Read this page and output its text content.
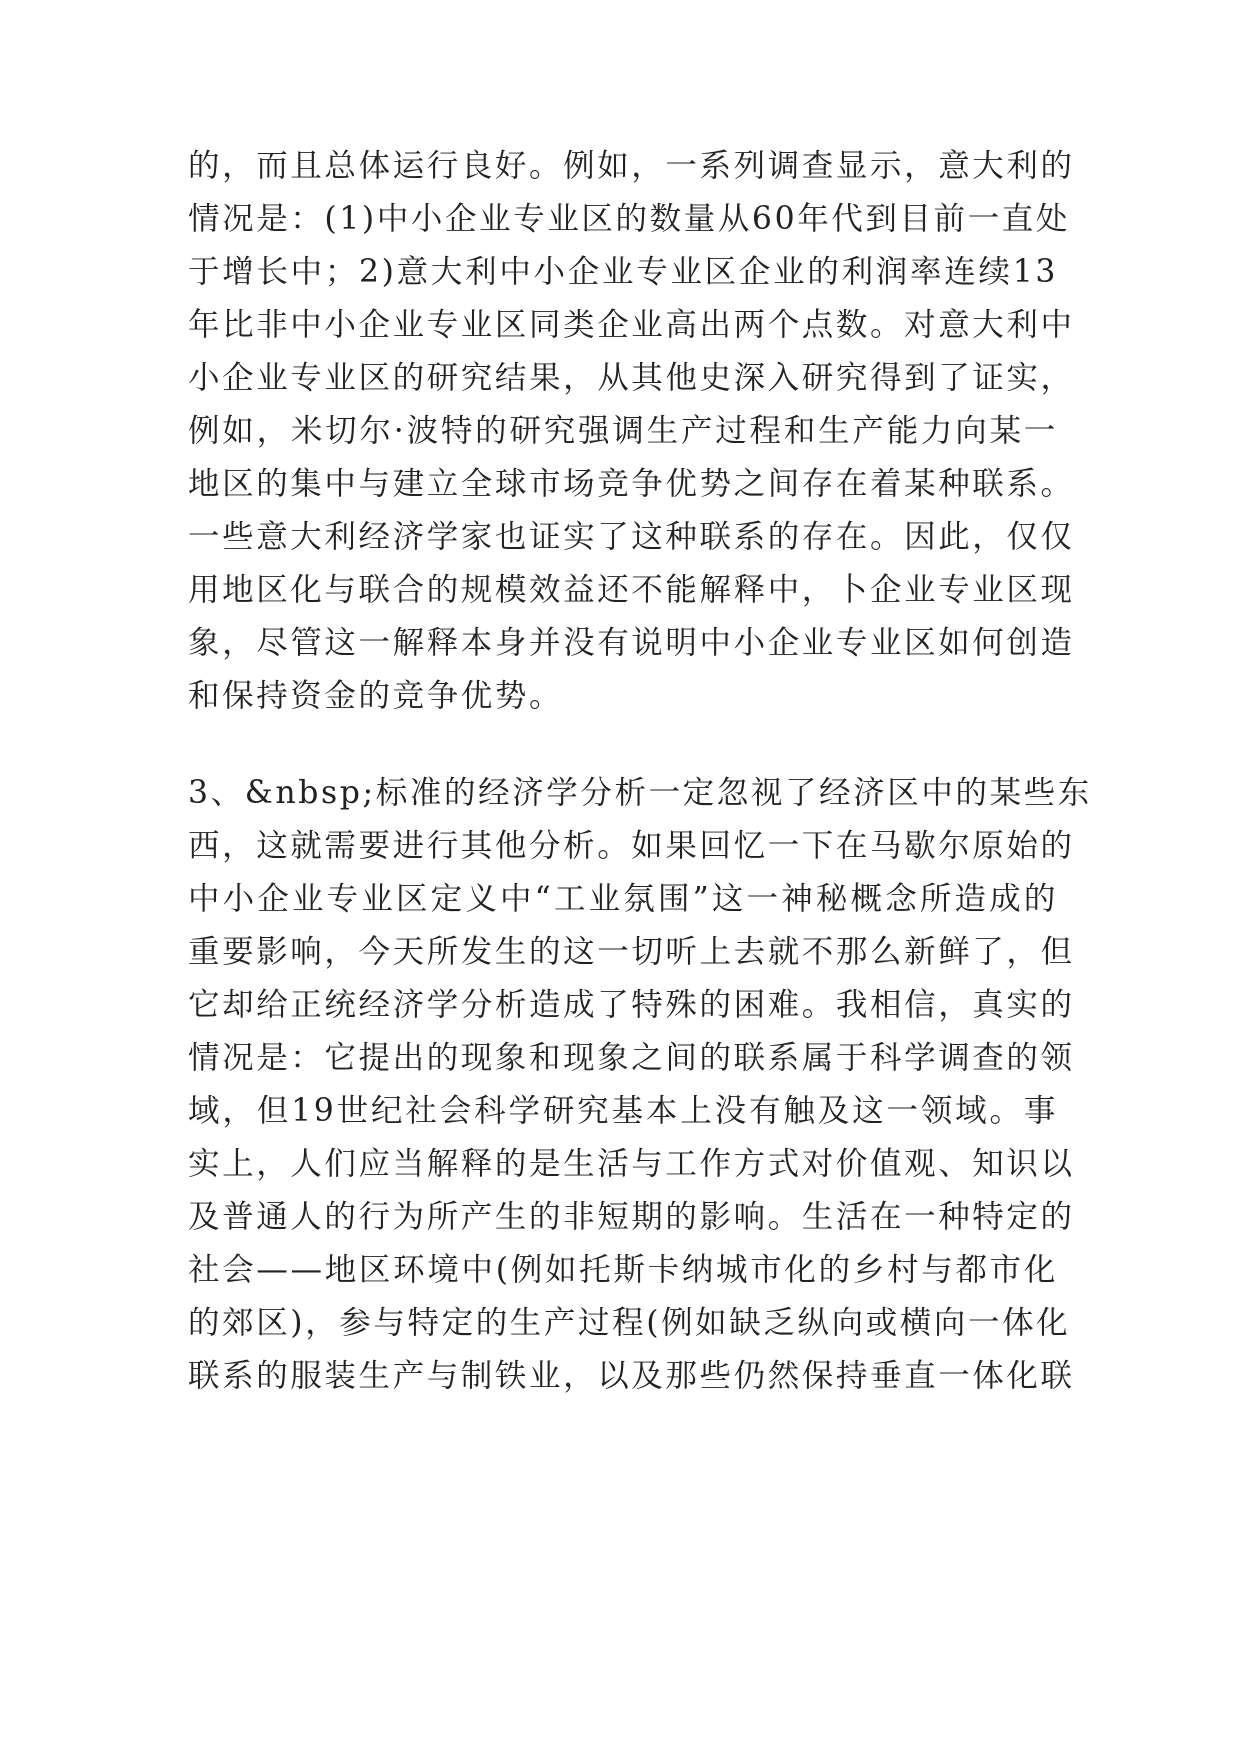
的，而且总体运行良好。例如，一系列调查显示，意大利的
情况是：(1)中小企业专业区的数量从60年代到目前一直处
于增长中；2)意大利中小企业专业区企业的利润率连续13
年比非中小企业专业区同类企业高出两个点数。对意大利中
小企业专业区的研究结果，从其他史深入研究得到了证实，
例如，米切尔·波特的研究强调生产过程和生产能力向某一
地区的集中与建立全球市场竞争优势之间存在着某种联系。
一些意大利经济学家也证实了这种联系的存在。因此，仅仅
用地区化与联合的规模效益还不能解释中，卜企业专业区现
象，尽管这一解释本身并没有说明中小企业专业区如何创造
和保持资金的竞争优势。
3、&nbsp;标准的经济学分析一定忽视了经济区中的某些东
西，这就需要进行其他分析。如果回忆一下在马歇尔原始的
中小企业专业区定义中“工业氛围”这一神秘概念所造成的
重要影响，今天所发生的这一切听上去就不那么新鲜了，但
它却给正统经济学分析造成了特殊的困难。我相信，真实的
情况是：它提出的现象和现象之间的联系属于科学调查的领
域，但19世纪社会科学研究基本上没有触及这一领域。事
实上，人们应当解释的是生活与工作方式对价值观、知识以
及普通人的行为所产生的非短期的影响。生活在一种特定的
社会——地区环境中(例如托斯卡纳城市化的乡村与都市化
的郊区)，参与特定的生产过程(例如缺乏纵向或横向一体化
联系的服装生产与制铁业，以及那些仍然保持垂直一体化联
